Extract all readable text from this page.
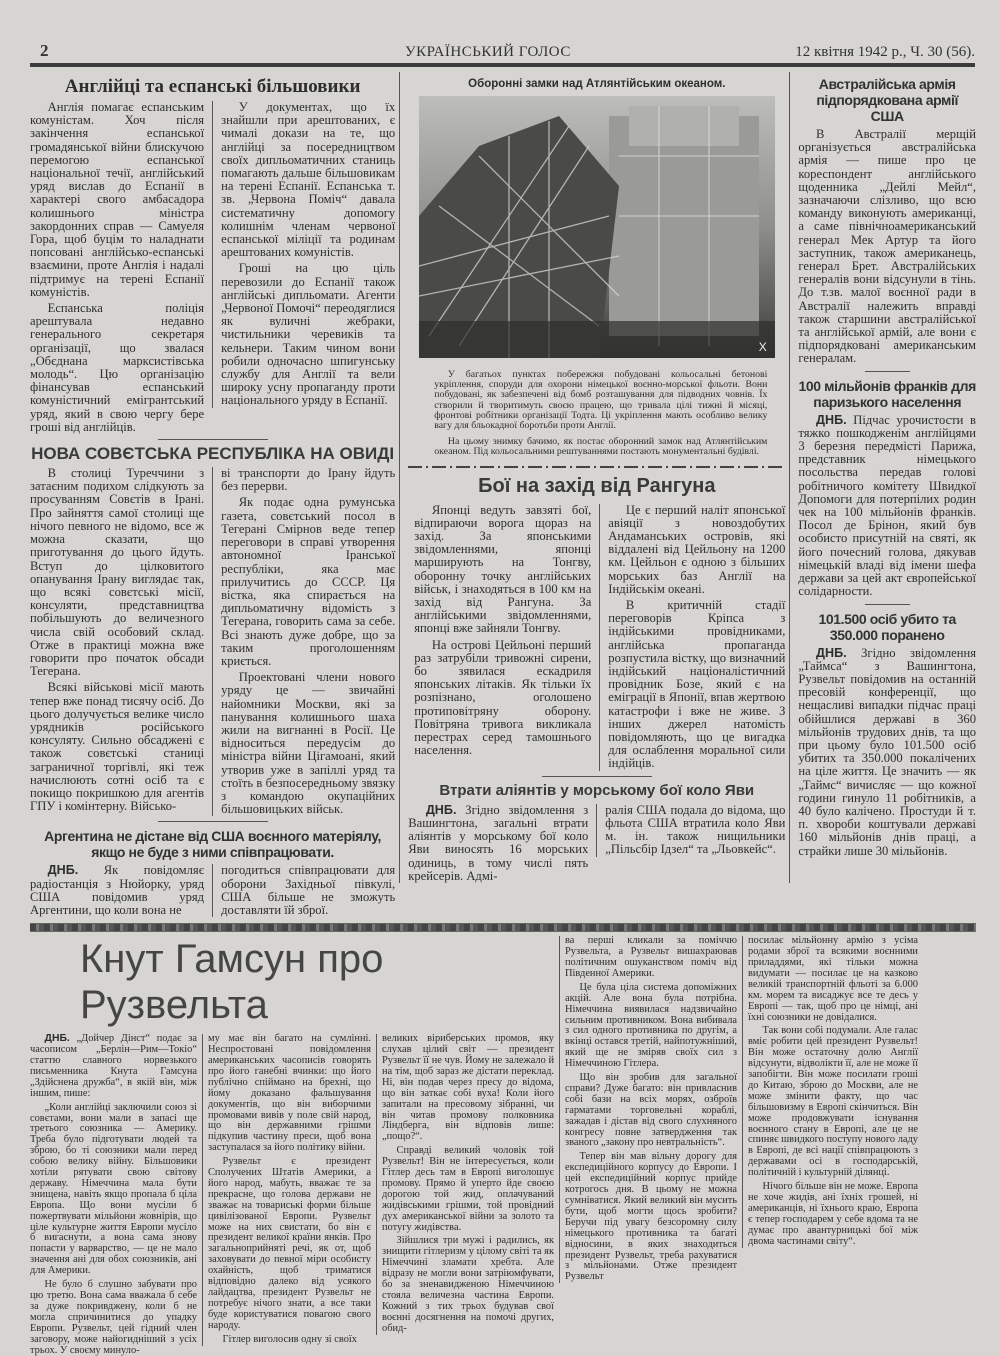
2	УКРАЇНСЬКИЙ ГОЛОС	12 квітня 1942 р., Ч. 30 (56).
Англійці та еспанські більшовики

Англія помагає еспанським комуністам. Хоч після закінчення еспанської громадянської війни блискучою перемогою еспанської національної течії, англійський уряд вислав до Еспанії в характері свого амбасадора колишнього міністра закордонних справ — Самуеля Гора, щоб буцім то наладнати попсовані англійсько-еспанські взаємини, проте Англія і надалі підтримує на терені Еспанії комуністів.

Еспанська поліція арештувала недавно генерального секретаря організації, що звалася „Обєднана марксистівська молодь“. Цю організацію фінансував еспанський комуністичний емігрантський уряд, який в свою чергу бере гроші від англійців.

У документах, що їх знайшли при арештованих, є чималі докази на те, що англійці за посередництвом своїх дипльоматичних станиць помагають дальше більшовикам на терені Еспанії. Еспанська т. зв. „Червона Поміч“ давала систематичну допомогу колишнім членам червоної еспанської міліції та родинам арештованих комуністів.

Гроші на цю ціль перевозили до Еспанії також англійські дипльомати. Агенти „Червоної Помочі“ переодяглися як вуличні жебраки, чистильники черевиків та кельнери. Таким чином вони робили одночасно шпигунську службу для Англії та вели широку усну пропаганду проти національного уряду в Еспанії.

НОВА СОВЄТСЬКА РЕСПУБЛІКА НА ОВИДІ

В столиці Туреччини з затаєним подихом слідкують за просуванням Совєтів в Ірані. Про зайняття самої столиці ще нічого певного не відомо, все ж можна сказати, що приготування до цього йдуть. Вступ до цілковитого опанування Ірану виглядає так, що всякі совєтські місії, консуляти, представництва побільшують до величезного числа свій особовий склад. Отже в практиці можна вже говорити про початок обсади Тегерана.

Всякі військові місії мають тепер вже понад тисячу осіб. До цього долучується велике число урядників російського консуляту. Сильно обсаджені є також совєтські станиці заграничної торгівлі, які теж начислюють сотні осіб та є покищо покришкою для агентів ГПУ і комінтерну. Військо-

ві транспорти до Ірану йдуть без перерви.

Як подає одна румунська газета, совєтський посол в Тегерані Смірнов веде тепер переговори в справі утворення автономної Іранської республіки, яка має прилучитись до СССР. Ця вістка, яка спирається на дипльоматичну відомість з Тегерана, говорить сама за себе. Всі знають дуже добре, що за таким проголошенням криється.

Проектовані члени нового уряду це — звичайні найомники Москви, які за панування колишнього шаха жили на вигнанні в Росії. Це відноситься передусім до міністра війни Цігамоані, який утворив уже в запіллі уряд та стоїть в безпосередньому звязку з командою окупаційних більшовицьких військ.

Аргентина не дістане від США воєнного матеріялу, якщо не буде з ними співпрацювати.

ДНБ. Як повідомляє радіостанція з Нюйорку, уряд США повідомив уряд Аргентини, що коли вона не

погодиться співпрацювати для оборони Західньої півкулі, США більше не зможуть доставляти їй зброї.

Оборонні замки над Атлянтійським океаном.
X

У багатьох пунктах побережжя побудовані кольосальні бетонові укріплення, споруди для охорони німецької воєнно-морської фльоти. Вони побудовані, як забезпечені від бомб розташування для підводних човнів. Їх створили й творитимуть своєю працею, що тривала цілі тижні й місяці, фронтові робітники організації Тодта. Ці укріплення мають особливо велику вагу для бльокадної боротьби проти Англії.

На цьому знимку бачимо, як постає оборонний замок над Атлянтійським океаном. Під кольосальними рештуваннями постають монументальні будівлі.

Бої на захід від Рангуна

Японці ведуть завзяті бої, відпираючи ворога щораз на захід. За японськими звідомленнями, японці марширують на Тонгву, оборонну точку англійських військ, і знаходяться в 100 км на захід від Рангуна. За англійськими звідомленнями, японці вже зайняли Тонгву.

На острові Цейльоні перший раз затрубіли тривожні сирени, бо зявилася ескадриля японських літаків. Як тільки їх розпізнано, оголошено протиповітряну оборону. Повітряна тривога викликала перестрах серед тамошнього населення.

Це є перший наліт японської авіяції з новоздобутих Андаманських островів, які віддалені від Цейльону на 1200 км. Цейльон є одною з більших морських баз Англії на Індійськім океані.

В критичній стадії переговорів Кріпса з індійськими провідниками, англійська пропаганда розпустила вістку, що визначний індійський націоналістичний провідник Бозе, який є на еміграції в Японії, впав жертвою катастрофи і вже не живе. З інших джерел натомість повідомляють, що це вигадка для ослаблення моральної сили індійців.

Втрати аліянтів у морському бої коло Яви

ДНБ. Згідно звідомлення з Вашингтона, загальні втрати аліянтів у морському бої коло Яви виносять 16 морських одиниць, в тому числі пять крейсерів. Адмі-

ралія США подала до відома, що фльота США втратила коло Яви м. ін. також нищильники „Пільсбір Ідзел“ та „Льовкейс“.

Австралійська армія підпорядкована армії США

В Австралії мерщій організується австралійська армія — пише про це кореспондент англійського щоденника „Дейлі Мейл“, зазначаючи слізливо, що всю команду виконують американці, а саме північноамериканський генерал Мек Артур та його заступник, також американець, генерал Брет. Австралійських генералів вони відсунули в тінь. До т.зв. малої воєнної ради в Австралії належить вправді також старшини австралійської та англійської армій, але вони є підпорядковані американським генералам.

100 мільйонів франків для паризького населення

ДНБ. Підчас урочистости в тяжко пошкодженім англійцями 3 березня передмісті Парижа, представник німецького посольства передав голові робітничого комітету Швидкої Допомоги для потерпілих родин чек на 100 мільйонів франків. Посол де Брінон, який був особисто присутній на святі, як його почесний голова, дякував німецькій владі від імени шефа держави за цей акт європейської солідарности.

101.500 осіб убито та 350.000 поранено

ДНБ. Згідно звідомлення „Таймса“ з Вашингтона, Рузвельт повідомив на останній пресовій конференції, що нещасливі випадки підчас праці обійшлися державі в 360 мільйонів трудових днів, та що при цьому було 101.500 осіб убитих та 350.000 покалічених на ціле життя. Це значить — як „Таймс“ вичисляє — що кожної години гинуло 11 робітників, а 40 було калічено. Простуди й т. п. хвороби коштували державі 160 мільйонів днів праці, а страйки лише 30 мільйонів.

Кнут Гамсун про Рузвельта

ДНБ. „Дойчер Дінст“ подає за часописом „Берлін—Рим—Токіо“ статтю славного норвезького письменника Кнута Гамсуна „Здійснена дружба“, в якій він, між іншим, пише:

„Коли англійці заключили союз зі совєтами, вони мали в запасі ще третього союзника — Америку. Треба було підготувати людей та зброю, бо ті союзники мали перед собою велику війну. Більшовики хотіли рятувати свою світову державу. Німеччина мала бути знищена, навіть якщо пропала б ціла Европа. Що вони мусіли б пожертвувати мільйони жовнірів, що ціле культурне життя Европи мусіло б вигаснути, а вона сама знову попасти у варварство, — це не мало значення ані для обох союзників, ані для Америки.

Не було б слушно забувати про цю третю. Вона сама вважала б себе за дуже покривджену, коли б не могла спричинитися до упадку Европи. Рузвельт, цей гідний член заговору, може найогиднiший з усіх трьох. У своєму минуло-

му має він багато на сумлінні. Неспростовані повідомлення американських часописів говорять про його ганебні вчинки: що його публічно спіймано на брехні, що йому доказано фальшування документів, що він виборчими промовами вивів у поле свій народ, що він державними грішми підкупив частину преси, щоб вона заступалася за його політику війни.

Рузвельт є президент Сполучених Штатів Америки, а його народ, мабуть, вважає те за прекрасне, що голова держави не зважає на товариські форми більше цивілізованої Европи. Рузвельт може на них свистати, бо він є президент великої країни янків. Про загальноприйняті речі, як от, щоб заховувати до певної міри особисту охайність, щоб триматися відповідно далеко від усякого лайдацтва, президент Рузвельт не потребує нічого знати, а все таки буде користуватися повагою свого народу.

Гітлер виголосив одну зі своїх

великих віриберських промов, яку слухав цілий світ — президент Рузвельт її не чув. Йому не залежало й на тім, щоб зараз же дістати переклад. Ні, він подав через пресу до відома, що він заткає собі вуха! Коли його запитали на пресовому зібранні, чи він читав промову полковника Ліндберга, він відповів лише: „пощо?“.

Справді великий чоловік той Рузвельт! Він не інтересується, коли Гітлер десь там в Европі виголошує промову. Прямо й уперто йде своєю дорогою той жид, оплачуваний жидівськими грішми, той провідний дух американської війни за золото та потугу жидівства.

Зійшлися три мужі і радились, як знищити гітлеризм у цілому світі та як Німеччині зламати хребта. Але відразу не могли вони затріюмфувати, бо за зненавидженою Німеччиною стояла величезна частина Европи. Кожний з тих трьох будував свої воєнні досягнення на помочі других, обид-

ва перші кликали за поміччю Рузвельта, а Рузвельт вишахраював політичним ошуканством поміч від Південної Америки.

Це була ціла система допоміжних акцій. Але вона була потрібна. Німеччина виявилася надзвичайно сильним противником. Вона вибивала з сил одного противника по другім, а вкінці остався третій, найпотужніший, який ще не зміряв своїх сил з Німеччиною Гітлера.

Що він зробив для загальної справи? Дуже багато: він привласнив собі бази на всіх морях, озброїв гарматами торговельні кораблі, зажадав і дістав від свого слухняного конгресу повне затвердження так званого „закону про невтральність“.

Тепер він мав вільну дорогу для експедиційного корпусу до Европи. І цей експедиційний корпус прийде котрогось дня. В цьому не можна сумніватися. Який великий він мусить бути, щоб могти щось зробити? Беручи під увагу безсоромну силу німецького противника та багаті відносини, в яких знаходиться президент Рузвельт, треба рахуватися з мільйонами. Отже президент Рузвельт

посилає мільйонну армію з усіма родами зброї та всякими воєнними приладдями, які тільки можна видумати — посилає це на казково великій транспортній фльоті за 6.000 км. морем та висаджує все те десь у Европі — так, щоб про це німці, ані їхні союзники не довідалися.

Так вони собі подумали. Але галас вміє робити цей президент Рузвельт! Він може остаточну долю Англії відсунути, відволікти її, але не може її запобігти. Він може посилати гроші до Китаю, зброю до Москви, але не може змінити факту, що час більшовизму в Европі скінчиться. Він може продовжувати існування воєнного стану в Европі, але це не спиняє швидкого поступу нового ладу в Европі, де всі нації співпрацюють з державами осі в господарській, політичній і культурній ділянці.

Нічого більше він не може. Европа не хоче жидів, ані їхніх грошей, ні американців, ні їхнього краю, Европа є тепер господарем у себе вдома та не думає про авантурницькі бої між двома частинами світу“.
